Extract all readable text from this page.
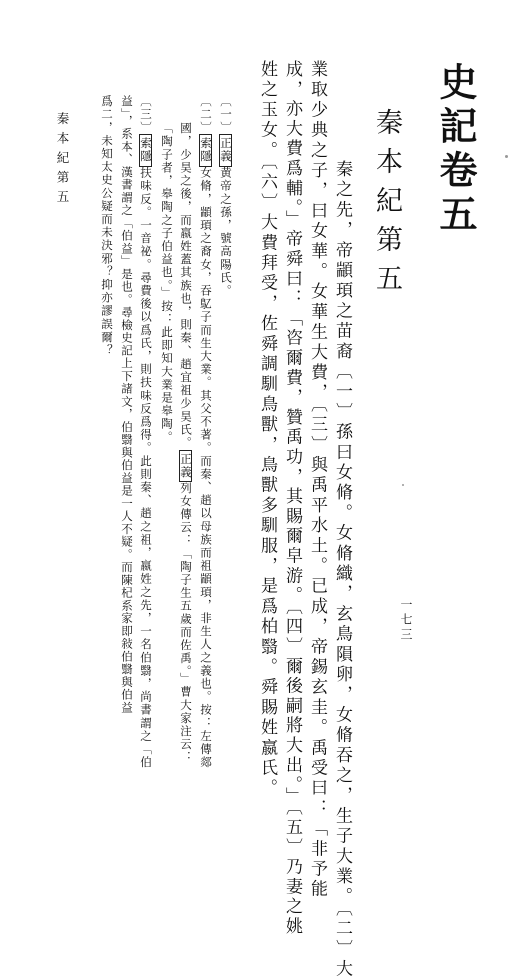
史記卷五
秦本紀第五
秦之先，帝顓頊之苗裔〔一〕孫曰女脩。女脩織，玄鳥隕卵，女脩吞之，生子大業。〔二〕大
業取少典之子，曰女華。女華生大費，〔三〕與禹平水土。已成，帝錫玄圭。禹受曰：「非予能
成，亦大費爲輔。」帝舜曰：「咨爾費，贊禹功，其賜爾皁游。〔四〕爾後嗣將大出。」〔五〕乃妻之姚
姓之玉女。〔六〕大費拜受，佐舜調馴鳥獸，鳥獸多馴服，是爲柏翳。舜賜姓嬴氏。
〔一〕正義黄帝之孫，號高陽氏。
〔二〕索隱女脩，顓頊之裔女，吞鳦子而生大業。其父不著。而秦、趙以母族而祖顓頊，非生人之義也。按：左傳郯
國，少昊之後，而嬴姓蓋其族也，則秦、趙宜祖少昊氏。正義列女傳云：「陶子生五歲而佐禹。」曹大家注云：
「陶子者，皋陶之子伯益也。」按：此即知大業是皋陶。
〔三〕索隱扶味反。一音祕。尋費後以爲氏，則扶味反爲得。此則秦、趙之祖，嬴姓之先，一名伯翳，尚書謂之「伯
益」，系本、漢書謂之「伯益」是也。尋檢史記上下諸文，伯翳與伯益是一人不疑。而陳杞系家即敍伯翳與伯益
爲二，未知太史公疑而未決邪？抑亦謬誤爾？
秦本紀第五
一七三
